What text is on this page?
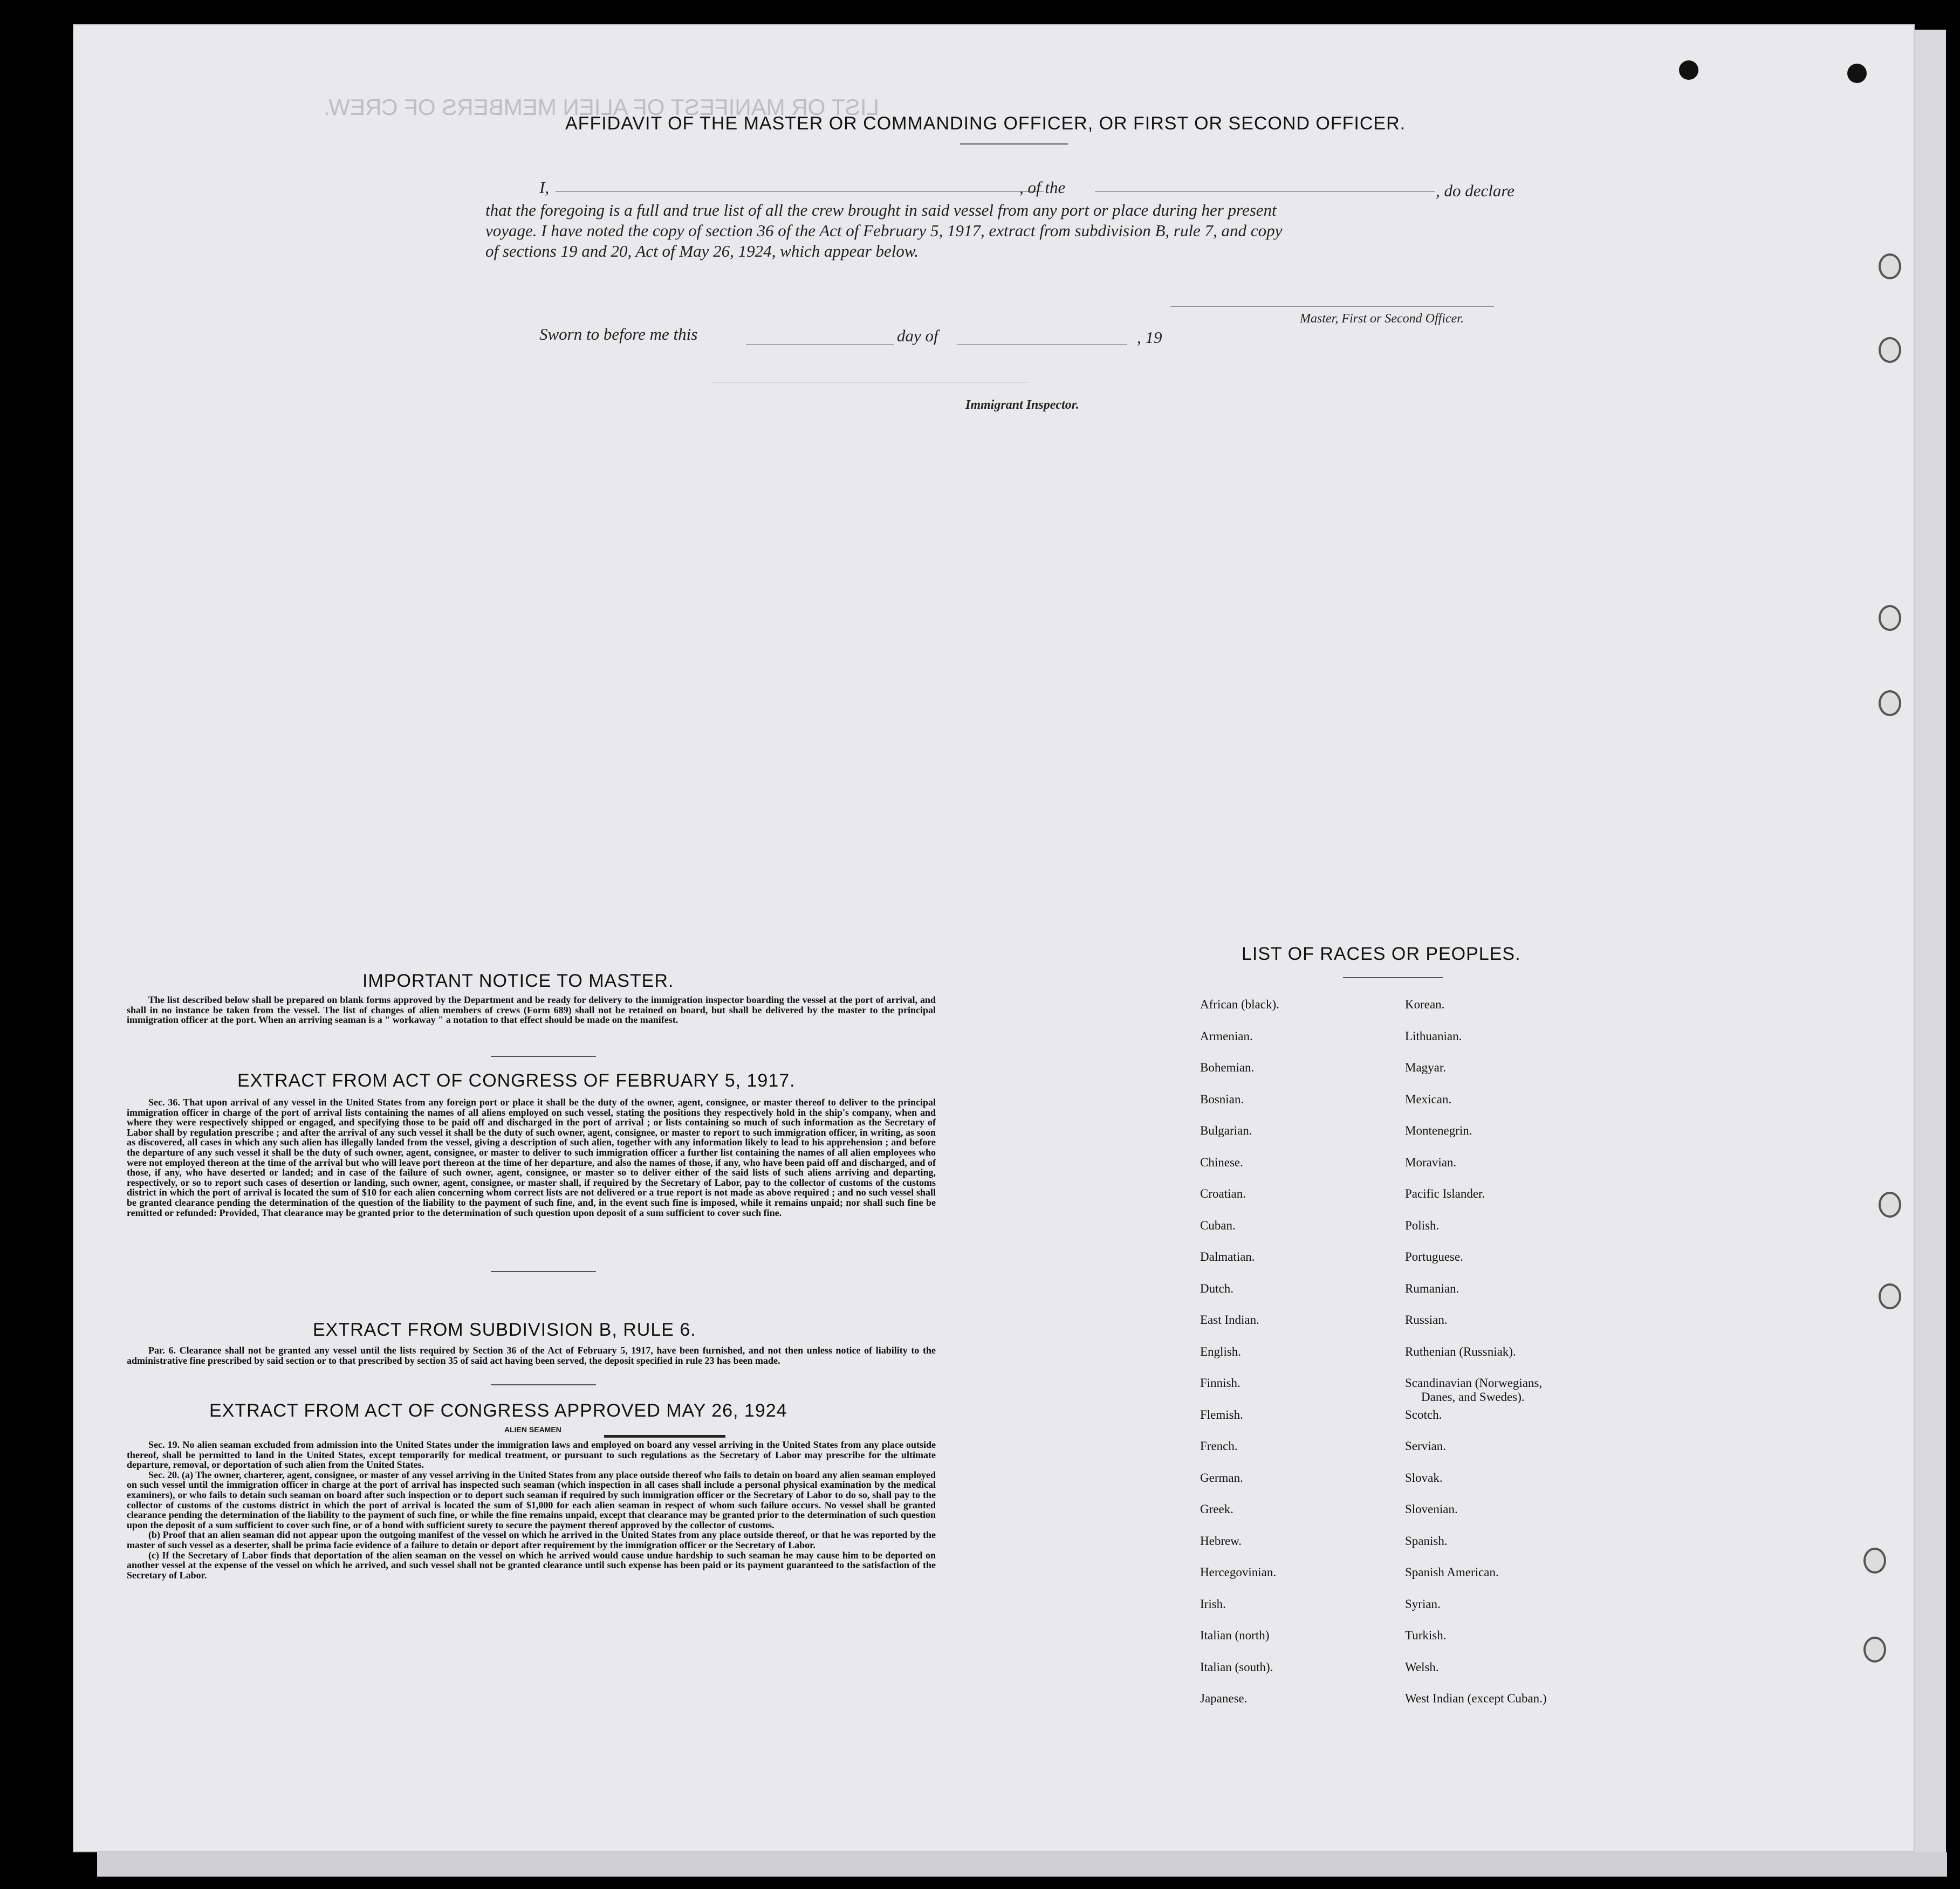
LIST OR MANIFEST OF ALIEN MEMBERS OF CREW.
AFFIDAVIT OF THE MASTER OR COMMANDING OFFICER, OR FIRST OR SECOND OFFICER.
I,	, of the	, do declare
that the foregoing is a full and true list of all the crew brought in said vessel from any port or place during her present
voyage. I have noted the copy of section 36 of the Act of February 5, 1917, extract from subdivision B, rule 7, and copy
of sections 19 and 20, Act of May 26, 1924, which appear below.
Master, First or Second Officer.
Sworn to before me this	day of	, 19
Immigrant Inspector.
IMPORTANT NOTICE TO MASTER.

The list described below shall be prepared on blank forms approved by the Department and be ready for delivery to the immigration inspector boarding the vessel at the port of arrival, and shall in no instance be taken from the vessel. The list of changes of alien members of crews (Form 689) shall not be retained on board, but shall be delivered by the master to the principal immigration officer at the port. When an arriving seaman is a " workaway " a notation to that effect should be made on the manifest.

EXTRACT FROM ACT OF CONGRESS OF FEBRUARY 5, 1917.

Sec. 36. That upon arrival of any vessel in the United States from any foreign port or place it shall be the duty of the owner, agent, consignee, or master thereof to deliver to the principal immigration officer in charge of the port of arrival lists containing the names of all aliens employed on such vessel, stating the positions they respectively hold in the ship's company, when and where they were respectively shipped or engaged, and specifying those to be paid off and discharged in the port of arrival ; or lists containing so much of such information as the Secretary of Labor shall by regulation prescribe ; and after the arrival of any such vessel it shall be the duty of such owner, agent, consignee, or master to report to such immigration officer, in writing, as soon as discovered, all cases in which any such alien has illegally landed from the vessel, giving a description of such alien, together with any information likely to lead to his apprehension ; and before the departure of any such vessel it shall be the duty of such owner, agent, consignee, or master to deliver to such immigration officer a further list containing the names of all alien employees who were not employed thereon at the time of the arrival but who will leave port thereon at the time of her departure, and also the names of those, if any, who have been paid off and discharged, and of those, if any, who have deserted or landed; and in case of the failure of such owner, agent, consignee, or master so to deliver either of the said lists of such aliens arriving and departing, respectively, or so to report such cases of desertion or landing, such owner, agent, consignee, or master shall, if required by the Secretary of Labor, pay to the collector of customs of the customs district in which the port of arrival is located the sum of $10 for each alien concerning whom correct lists are not delivered or a true report is not made as above required ; and no such vessel shall be granted clearance pending the determination of the question of the liability to the payment of such fine, and, in the event such fine is imposed, while it remains unpaid; nor shall such fine be remitted or refunded: Provided, That clearance may be granted prior to the determination of such question upon deposit of a sum sufficient to cover such fine.

EXTRACT FROM SUBDIVISION B, RULE 6.

Par. 6. Clearance shall not be granted any vessel until the lists required by Section 36 of the Act of February 5, 1917, have been furnished, and not then unless notice of liability to the administrative fine prescribed by said section or to that prescribed by section 35 of said act having been served, the deposit specified in rule 23 has been made.

EXTRACT FROM ACT OF CONGRESS APPROVED MAY 26, 1924
ALIEN SEAMEN

Sec. 19. No alien seaman excluded from admission into the United States under the immigration laws and employed on board any vessel arriving in the United States from any place outside thereof, shall be permitted to land in the United States, except temporarily for medical treatment, or pursuant to such regulations as the Secretary of Labor may prescribe for the ultimate departure, removal, or deportation of such alien from the United States.

Sec. 20. (a) The owner, charterer, agent, consignee, or master of any vessel arriving in the United States from any place outside thereof who fails to detain on board any alien seaman employed on such vessel until the immigration officer in charge at the port of arrival has inspected such seaman (which inspection in all cases shall include a personal physical examination by the medical examiners), or who fails to detain such seaman on board after such inspection or to deport such seaman if required by such immigration officer or the Secretary of Labor to do so, shall pay to the collector of customs of the customs district in which the port of arrival is located the sum of $1,000 for each alien seaman in respect of whom such failure occurs. No vessel shall be granted clearance pending the determination of the liability to the payment of such fine, or while the fine remains unpaid, except that clearance may be granted prior to the determination of such question upon the deposit of a sum sufficient to cover such fine, or of a bond with sufficient surety to secure the payment thereof approved by the collector of customs.

(b) Proof that an alien seaman did not appear upon the outgoing manifest of the vessel on which he arrived in the United States from any place outside thereof, or that he was reported by the master of such vessel as a deserter, shall be prima facie evidence of a failure to detain or deport after requirement by the immigration officer or the Secretary of Labor.

(c) If the Secretary of Labor finds that deportation of the alien seaman on the vessel on which he arrived would cause undue hardship to such seaman he may cause him to be deported on another vessel at the expense of the vessel on which he arrived, and such vessel shall not be granted clearance until such expense has been paid or its payment guaranteed to the satisfaction of the Secretary of Labor.

LIST OF RACES OR PEOPLES.
African (black).	Korean.
Armenian.	Lithuanian.
Bohemian.	Magyar.
Bosnian.	Mexican.
Bulgarian.	Montenegrin.
Chinese.	Moravian.
Croatian.	Pacific Islander.
Cuban.	Polish.
Dalmatian.	Portuguese.
Dutch.	Rumanian.
East Indian.	Russian.
English.	Ruthenian (Russniak).
Finnish.	Scandinavian (Norwegians,
Danes, and Swedes).
Flemish.	Scotch.
French.	Servian.
German.	Slovak.
Greek.	Slovenian.
Hebrew.	Spanish.
Hercegovinian.	Spanish American.
Irish.	Syrian.
Italian (north)	Turkish.
Italian (south).	Welsh.
Japanese.	West Indian (except Cuban.)
